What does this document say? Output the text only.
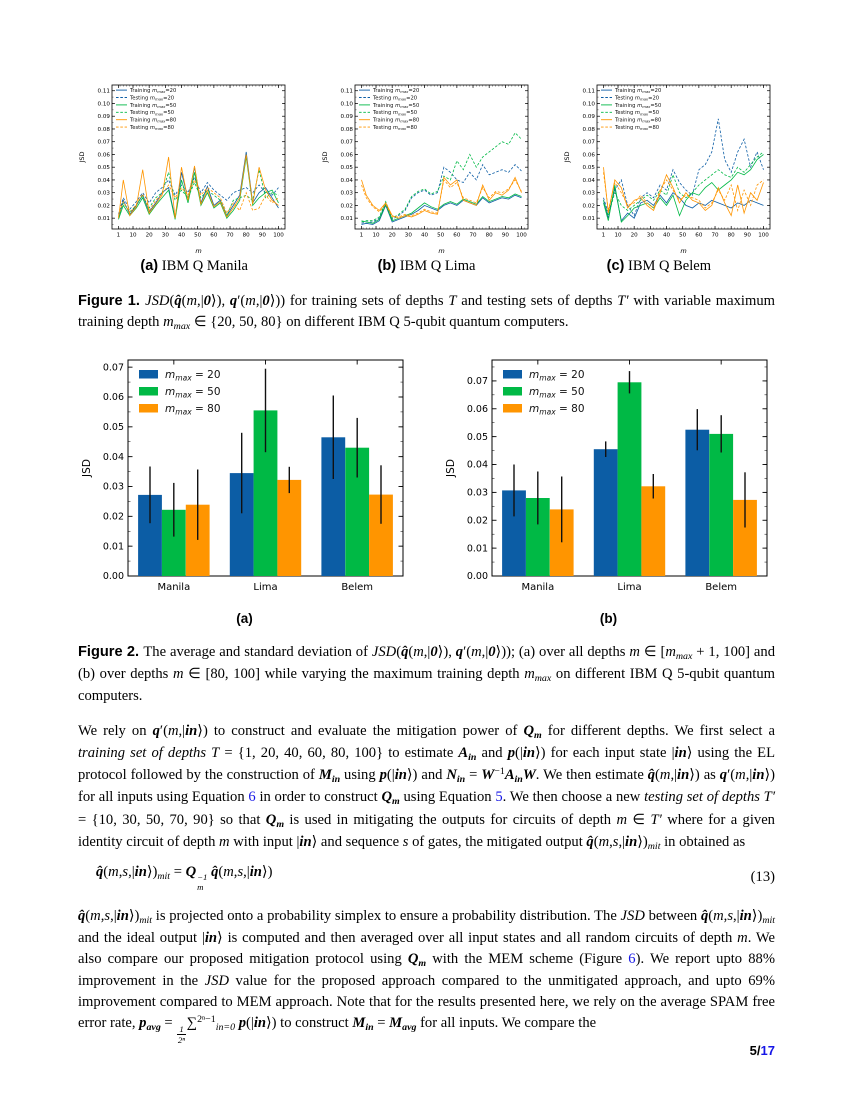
1 10 20 30 40 50 60 70 80 90 100
0.01
0.02
0.03
0.04
0.05
0.06
0.07
0.08
0.09
0.10
0.11
m
JSD
Training $m_{max}=20$
Testing $m_{max}=20$
Training $m_{max}=50$
Testing $m_{max}=50$
Training $m_{max}=80$
Testing $m_{max}=80$
1 10 20 30 40 50 60 70 80 90 100
0.01
0.02
0.03
0.04
0.05
0.06
0.07
0.08
0.09
0.10
0.11
m
JSD
Training $m_{max}=20$
Testing $m_{max}=20$
Training $m_{max}=50$
Testing $m_{max}=50$
Training $m_{max}=80$
Testing $m_{max}=80$
1 10 20 30 40 50 60 70 80 90 100
0.01
0.02
0.03
0.04
0.05
0.06
0.07
0.08
0.09
0.10
0.11
m
JSD
Training $m_{max}=20$
Testing $m_{max}=20$
Training $m_{max}=50$
Testing $m_{max}=50$
Training $m_{max}=80$
Testing $m_{max}=80$
(a) IBM Q Manila	(b) IBM Q Lima	(c) IBM Q Belem

Figure 1. JSD(q̂(m,|0⟩), q′(m,|0⟩)) for training sets of depths T and testing sets of depths T′ with variable maximum training depth $m_{max}$ ∈ {20, 50, 80} on different IBM Q 5-qubit quantum computers.

0.00
0.01
0.02
0.03
0.04
0.05
0.06
0.07
Manila	Lima	Belem
JSD
$m_{max} = 20$
$m_{max} = 50$
$m_{max} = 80$
(a)
0.00
0.01
0.02
0.03
0.04
0.05
0.06
0.07
Manila	Lima	Belem
JSD
$m_{max} = 20$
$m_{max} = 50$
$m_{max} = 80$
(b)

Figure 2. The average and standard deviation of JSD(q̂(m,|0⟩), q′(m,|0⟩)); (a) over all depths m ∈ [$m_{max} + 1$, 100] and (b) over depths m ∈ [80, 100] while varying the maximum training depth $m_{max}$ on different IBM Q 5-qubit quantum computers.

We rely on q′(m,|in⟩) to construct and evaluate the mitigation power of $Q_m$ for different depths. We first select a training set of depths T = {1, 20, 40, 60, 80, 100} to estimate $A_{in}$ and p(|in⟩) for each input state |in⟩ using the EL protocol followed by the construction of $M_{in}$ using p(|in⟩) and $N_{in} = W^{-1}A_{in}W$. We then estimate q̂(m,|in⟩) as q′(m,|in⟩) for all inputs using Equation 6 in order to construct $Q_m$ using Equation 5. We then choose a new testing set of depths T′ = {10, 30, 50, 70, 90} so that $Q_m$ is used in mitigating the outputs for circuits of depth m ∈ T′ where for a given identity circuit of depth m with input |in⟩ and sequence s of gates, the mitigated output $q̂(m,s,|in⟩)_{mit}$ in obtained as

$q̂(m,s,|in⟩)_{mit} = Q -1$
m
q̂(m,s,|in⟩)	(13)

$q̂(m,s,|in⟩)_{mit}$ is projected onto a probability simplex to ensure a probability distribution. The JSD between $q̂(m,s,|in⟩)_{mit}$ and the ideal output |in⟩ is computed and then averaged over all input states and all random circuits of depth m. We also compare our proposed mitigation protocol using $Q_m$ with the MEM scheme (Figure 6). We report upto 88% improvement in the JSD value for the proposed approach compared to the unmitigated approach, and upto 69% improvement compared to MEM approach. Note that for the results presented here, we rely on the average SPAM free error rate, $p_{avg}$ =
$\frac{1}{\text{2ⁿ}}$
∑$^{2^n-1}_{in=0}$ p(|in⟩) to construct $M_{in} = M_{avg}$ for all inputs. We compare the

5/17
